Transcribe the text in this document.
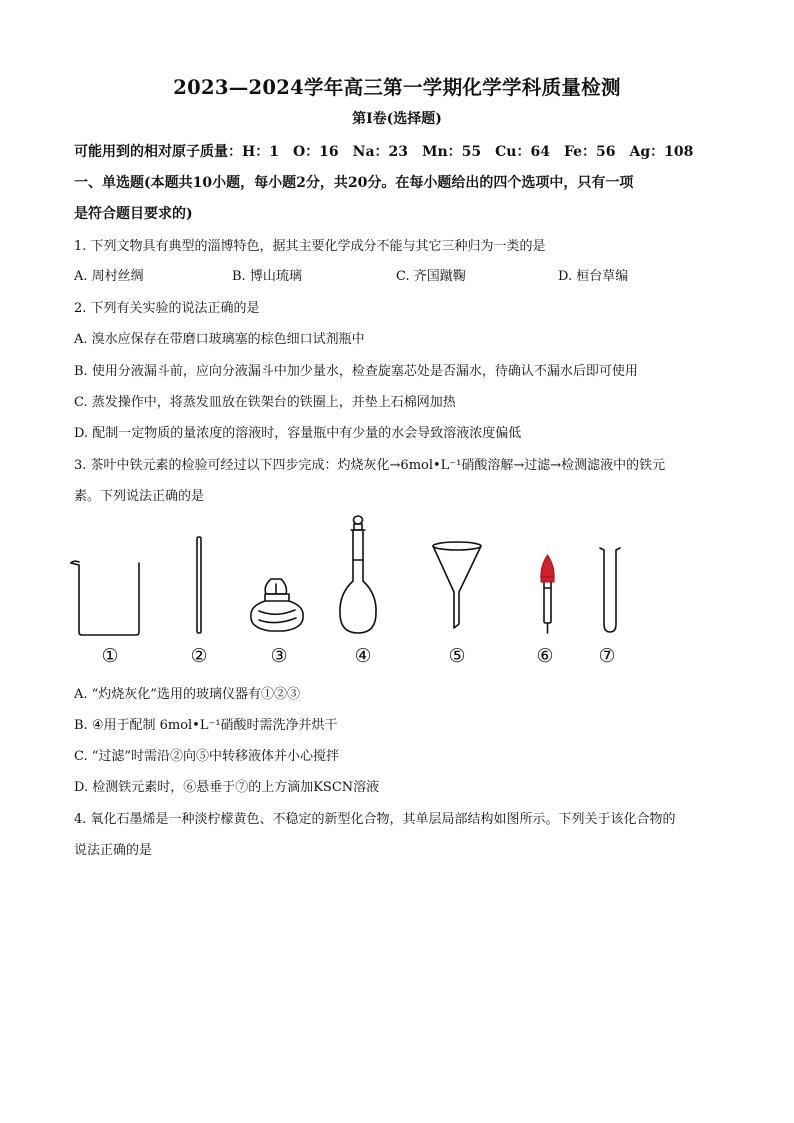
2023—2024学年高三第一学期化学学科质量检测
第I卷(选择题)
可能用到的相对原子质量：H：1　O：16　Na：23　Mn：55　Cu：64　Fe：56　Ag：108
一、单选题(本题共10小题，每小题2分，共20分。在每小题给出的四个选项中，只有一项
是符合题目要求的)
1. 下列文物具有典型的淄博特色，据其主要化学成分不能与其它三种归为一类的是
A. 周村丝绸	B. 博山琉璃	C. 齐国蹴鞠	D. 桓台草编
2. 下列有关实验的说法正确的是
A. 溴水应保存在带磨口玻璃塞的棕色细口试剂瓶中
B. 使用分液漏斗前，应向分液漏斗中加少量水，检查旋塞芯处是否漏水，待确认不漏水后即可使用
C. 蒸发操作中，将蒸发皿放在铁架台的铁圈上，并垫上石棉网加热
D. 配制一定物质的量浓度的溶液时，容量瓶中有少量的水会导致溶液浓度偏低
3. 茶叶中铁元素的检验可经过以下四步完成：灼烧灰化→6mol•L⁻¹硝酸溶解→过滤→检测滤液中的铁元
素。下列说法正确的是
①	②	③	④	⑤	⑥	⑦
A. “灼烧灰化”选用的玻璃仪器有①②③
B. ④用于配制 6mol•L⁻¹硝酸时需洗净并烘干
C. “过滤”时需沿②向⑤中转移液体并小心搅拌
D. 检测铁元素时，⑥悬垂于⑦的上方滴加KSCN溶液
4. 氧化石墨烯是一种淡柠檬黄色、不稳定的新型化合物，其单层局部结构如图所示。下列关于该化合物的
说法正确的是
